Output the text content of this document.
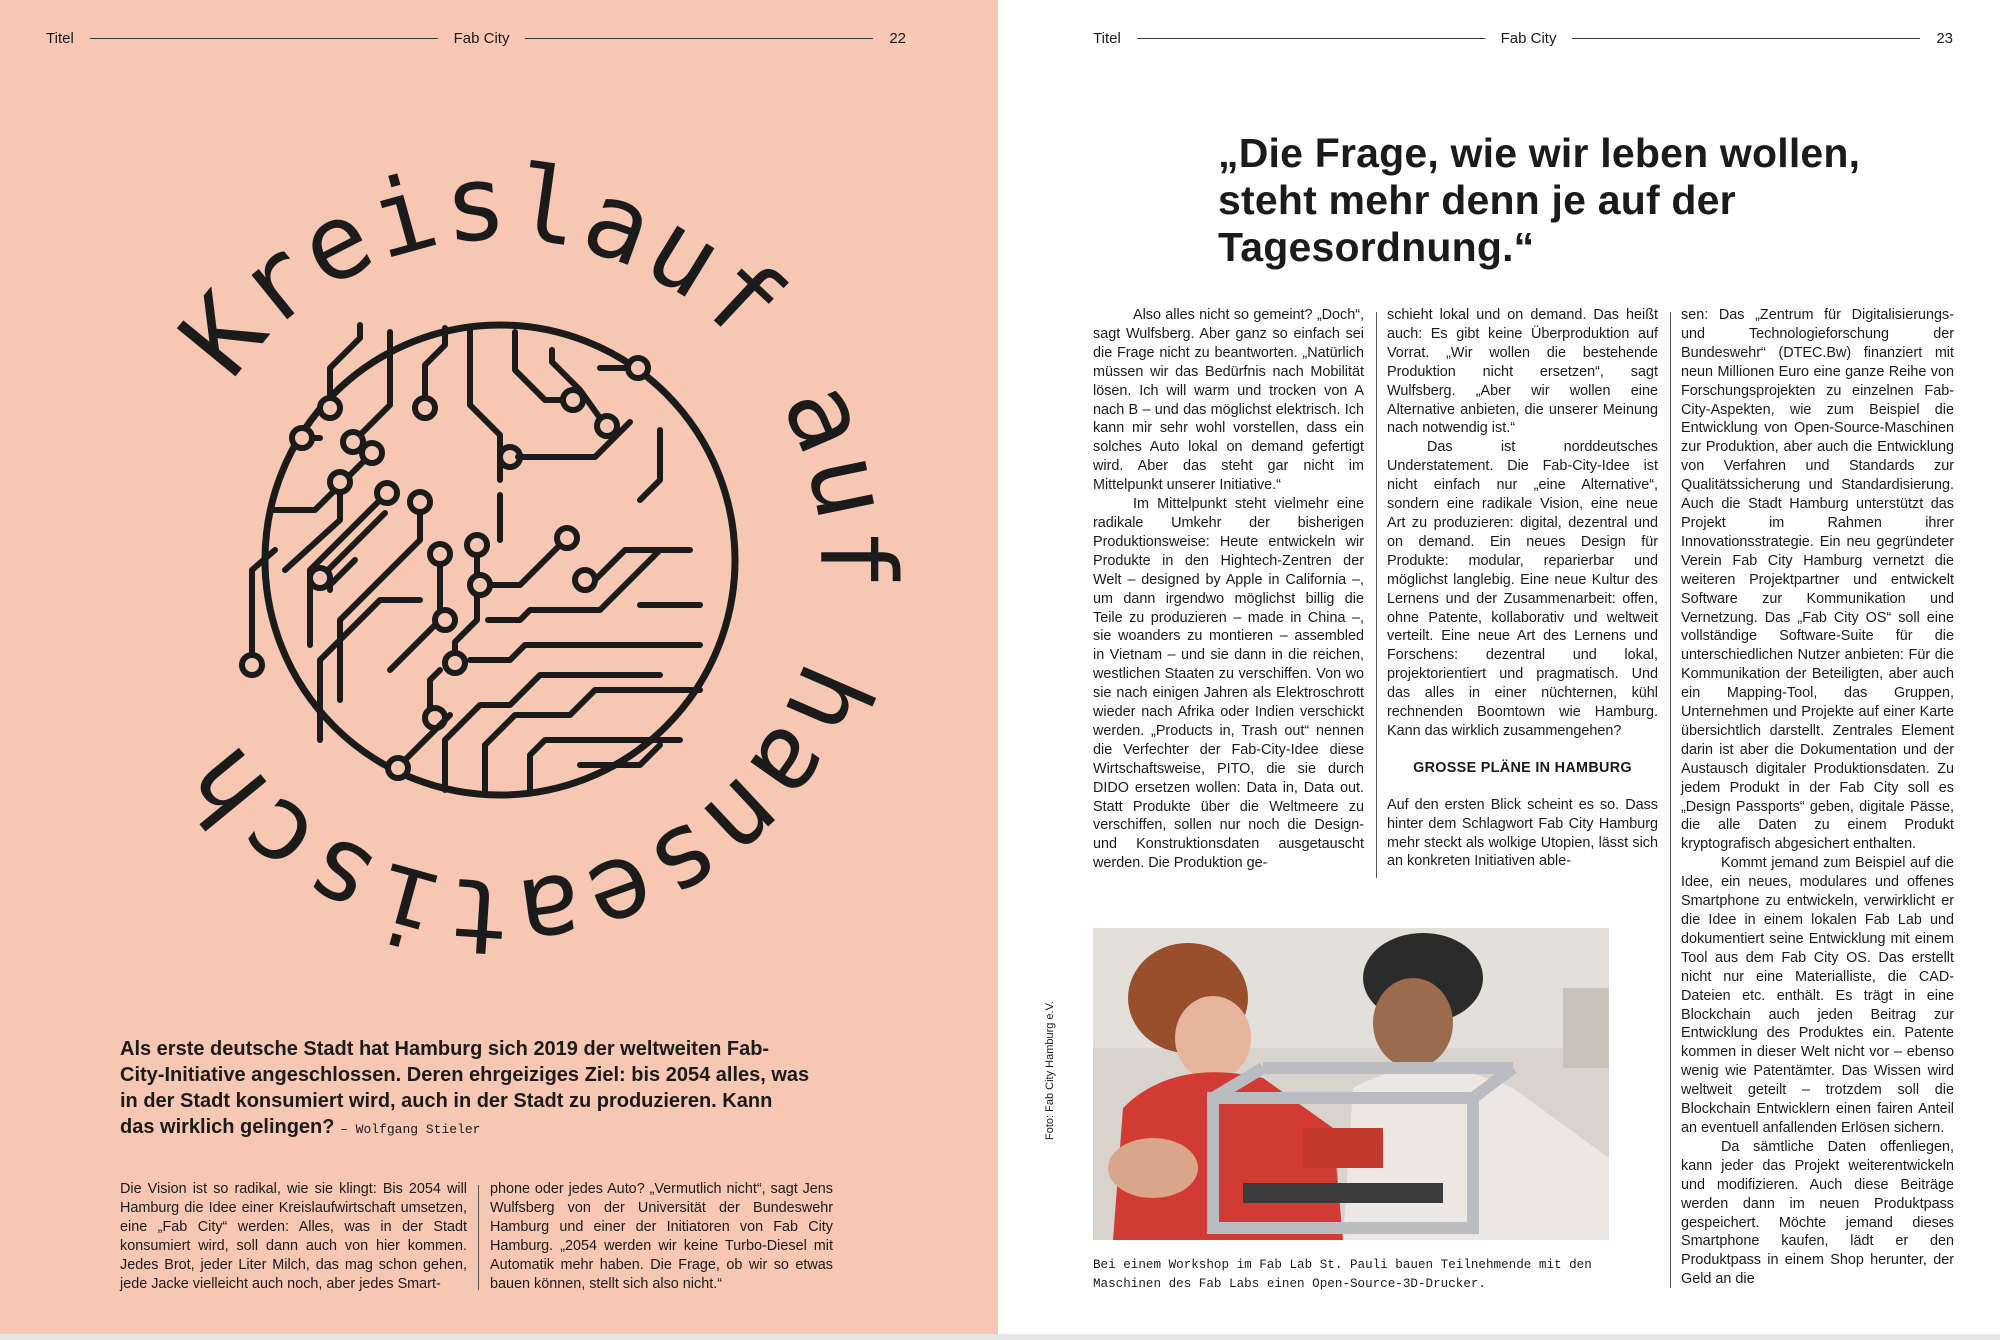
Titel	Fab City	22
Kreislauf auf hanseatisch
Als erste deutsche Stadt hat Hamburg sich 2019 der weltweiten Fab-City-Initiative angeschlossen. Deren ehrgeiziges Ziel: bis 2054 alles, was in der Stadt konsumiert wird, auch in der Stadt zu produzieren. Kann das wirklich gelingen? – Wolfgang Stieler

Die Vision ist so radikal, wie sie klingt: Bis 2054 will Hamburg die Idee einer Kreislaufwirtschaft umsetzen, eine „Fab City“ werden: Alles, was in der Stadt konsumiert wird, soll dann auch von hier kommen. Jedes Brot, jeder Liter Milch, das mag schon gehen, jede Jacke vielleicht auch noch, aber jedes Smart-

phone oder jedes Auto? „Vermutlich nicht“, sagt Jens Wulfsberg von der Universität der Bundeswehr Hamburg und einer der Initiatoren von Fab City Hamburg. „2054 werden wir keine Turbo-Diesel mit Automatik mehr haben. Die Frage, ob wir so etwas bauen können, stellt sich also nicht.“

Titel	Fab City	23
„Die Frage, wie wir leben wollen, steht mehr denn je auf der Tagesordnung.“

Also alles nicht so gemeint? „Doch“, sagt Wulfsberg. Aber ganz so einfach sei die Frage nicht zu beantworten. „Natürlich müssen wir das Bedürfnis nach Mobilität lösen. Ich will warm und trocken von A nach B – und das möglichst elektrisch. Ich kann mir sehr wohl vorstellen, dass ein solches Auto lokal on demand gefertigt wird. Aber das steht gar nicht im Mittelpunkt unserer Initiative.“

Im Mittelpunkt steht vielmehr eine radikale Umkehr der bisherigen Produktionsweise: Heute entwickeln wir Produkte in den Hightech-Zentren der Welt – designed by Apple in California –, um dann irgendwo möglichst billig die Teile zu produzieren – made in China –, sie woanders zu montieren – assembled in Vietnam – und sie dann in die reichen, westlichen Staaten zu verschiffen. Von wo sie nach einigen Jahren als Elektroschrott wieder nach Afrika oder Indien verschickt werden. „Products in, Trash out“ nennen die Verfechter der Fab-City-Idee diese Wirtschaftsweise, PITO, die sie durch DIDO ersetzen wollen: Data in, Data out. Statt Produkte über die Weltmeere zu verschiffen, sollen nur noch die Design- und Konstruktionsdaten ausgetauscht werden. Die Produktion ge-

schieht lokal und on demand. Das heißt auch: Es gibt keine Überproduktion auf Vorrat. „Wir wollen die bestehende Produktion nicht ersetzen“, sagt Wulfsberg. „Aber wir wollen eine Alternative anbieten, die unserer Meinung nach notwendig ist.“

Das ist norddeutsches Understatement. Die Fab-City-Idee ist nicht einfach nur „eine Alternative“, sondern eine radikale Vision, eine neue Art zu produzieren: digital, dezentral und on demand. Ein neues Design für Produkte: modular, reparierbar und möglichst langlebig. Eine neue Kultur des Lernens und der Zusammenarbeit: offen, ohne Patente, kollaborativ und weltweit verteilt. Eine neue Art des Lernens und Forschens: dezentral und lokal, projektorientiert und pragmatisch. Und das alles in einer nüchternen, kühl rechnenden Boomtown wie Hamburg. Kann das wirklich zusammengehen?

GROSSE PLÄNE IN HAMBURG

Auf den ersten Blick scheint es so. Dass hinter dem Schlagwort Fab City Hamburg mehr steckt als wolkige Utopien, lässt sich an konkreten Initiativen able-

sen: Das „Zentrum für Digitalisierungs- und Technologieforschung der Bundeswehr“ (DTEC.Bw) finanziert mit neun Millionen Euro eine ganze Reihe von Forschungsprojekten zu einzelnen Fab-City-Aspekten, wie zum Beispiel die Entwicklung von Open-Source-Maschinen zur Produktion, aber auch die Entwicklung von Verfahren und Standards zur Qualitätssicherung und Standardisierung. Auch die Stadt Hamburg unterstützt das Projekt im Rahmen ihrer Innovationsstrategie. Ein neu gegründeter Verein Fab City Hamburg vernetzt die weiteren Projektpartner und entwickelt Software zur Kommunikation und Vernetzung. Das „Fab City OS“ soll eine vollständige Software-Suite für die unterschiedlichen Nutzer anbieten: Für die Kommunikation der Beteiligten, aber auch ein Mapping-Tool, das Gruppen, Unternehmen und Projekte auf einer Karte übersichtlich darstellt. Zentrales Element darin ist aber die Dokumentation und der Austausch digitaler Produktionsdaten. Zu jedem Produkt in der Fab City soll es „Design Passports“ geben, digitale Pässe, die alle Daten zu einem Produkt kryptografisch abgesichert enthalten.

Kommt jemand zum Beispiel auf die Idee, ein neues, modulares und offenes Smartphone zu entwickeln, verwirklicht er die Idee in einem lokalen Fab Lab und dokumentiert seine Entwicklung mit einem Tool aus dem Fab City OS. Das erstellt nicht nur eine Materialliste, die CAD-Dateien etc. enthält. Es trägt in eine Blockchain auch jeden Beitrag zur Entwicklung des Produktes ein. Patente kommen in dieser Welt nicht vor – ebenso wenig wie Patentämter. Das Wissen wird weltweit geteilt – trotzdem soll die Blockchain Entwicklern einen fairen Anteil an eventuell anfallenden Erlösen sichern.

Da sämtliche Daten offenliegen, kann jeder das Projekt weiterentwickeln und modifizieren. Auch diese Beiträge werden dann im neuen Produktpass gespeichert. Möchte jemand dieses Smartphone kaufen, lädt er den Produktpass in einem Shop herunter, der Geld an die

Foto: Fab City Hamburg e.V.
Bei einem Workshop im Fab Lab St. Pauli bauen Teilnehmende mit den Maschinen des Fab Labs einen Open-Source-3D-Drucker.
